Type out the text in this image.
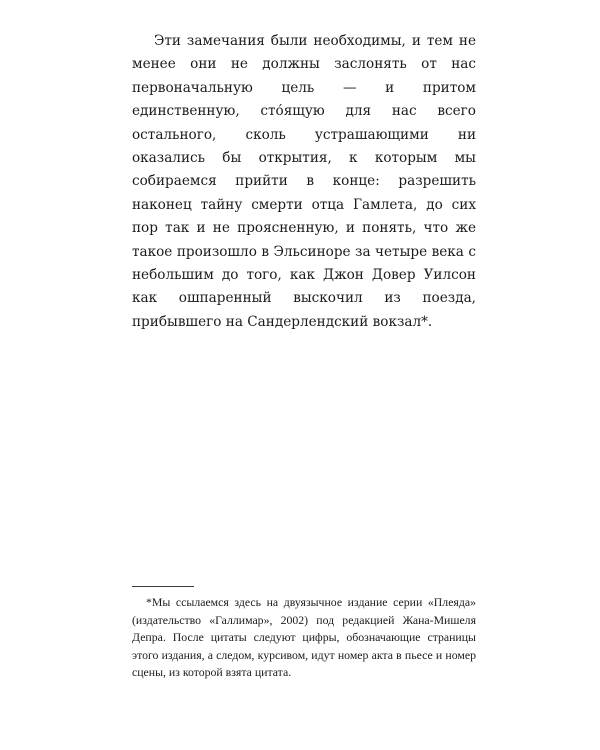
Эти замечания были необходимы, и тем не менее они не должны заслонять от нас первоначальную цель — и притом единственную, сто́ящую для нас всего остального, сколь устрашающими ни оказались бы открытия, к которым мы собираемся прийти в конце: разрешить наконец тайну смерти отца Гамлета, до сих пор так и не проясненную, и понять, что же такое произошло в Эльсиноре за четыре века с небольшим до того, как Джон Довер Уилсон как ошпаренный выскочил из поезда, прибывшего на Сандерлендский вокзал*.

*Мы ссылаемся здесь на двуязычное издание серии «Плеяда» (издательство «Галлимар», 2002) под редакцией Жана-Мишеля Депра. После цитаты следуют цифры, обозначающие страницы этого издания, а следом, курсивом, идут номер акта в пьесе и номер сцены, из которой взята цитата.
